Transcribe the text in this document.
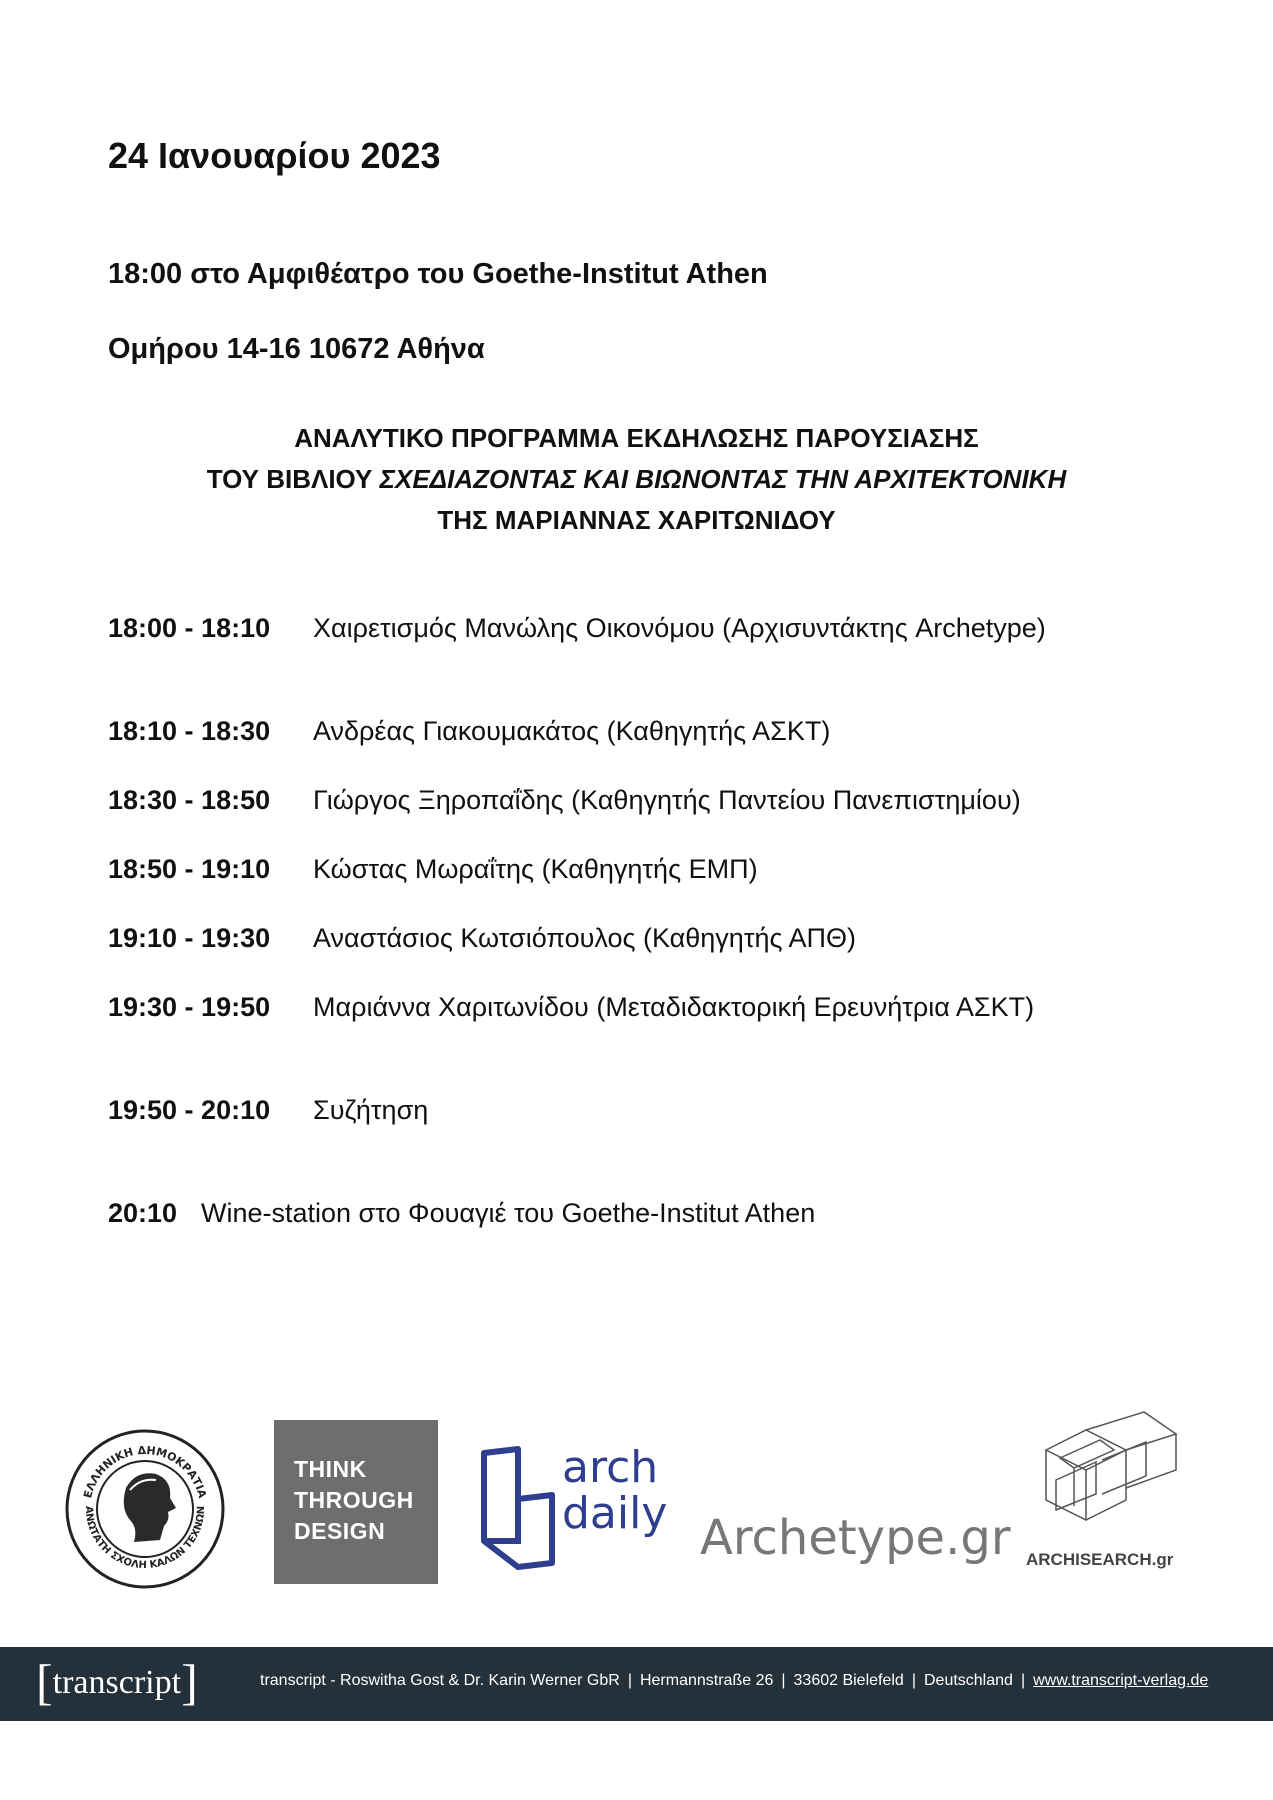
24 Ιανουαρίου 2023
18:00 στο Αμφιθέατρο του Goethe-Institut Athen
Ομήρου 14-16 10672 Αθήνα
ΑΝΑΛΥΤΙΚΟ ΠΡΟΓΡΑΜΜΑ ΕΚΔΗΛΩΣΗΣ ΠΑΡΟΥΣΙΑΣΗΣ
ΤΟΥ ΒΙΒΛΙΟΥ ΣΧΕΔΙΑΖΟΝΤΑΣ ΚΑΙ ΒΙΩΝΟΝΤΑΣ ΤΗΝ ΑΡΧΙΤΕΚΤΟΝΙΚΗ
ΤΗΣ ΜΑΡΙΑΝΝΑΣ ΧΑΡΙΤΩΝΙΔΟΥ
18:00 - 18:10 Χαιρετισμός Μανώλης Οικονόμου (Αρχισυντάκτης Archetype)
18:10 - 18:30 Ανδρέας Γιακουμακάτος (Καθηγητής ΑΣΚΤ)
18:30 - 18:50 Γιώργος Ξηροπαΐδης (Καθηγητής Παντείου Πανεπιστημίου)
18:50 - 19:10 Κώστας Μωραΐτης (Καθηγητής ΕΜΠ)
19:10 - 19:30 Αναστάσιος Κωτσιόπουλος (Καθηγητής ΑΠΘ)
19:30 - 19:50 Μαριάννα Χαριτωνίδου (Μεταδιδακτορική Ερευνήτρια ΑΣΚΤ)
19:50 - 20:10 Συζήτηση
20:10 Wine-station στο Φουαγιέ του Goethe-Institut Athen
ΕΛΛΗΝΙΚΗ ΔΗΜΟΚΡΑΤΙΑ
ΑΝΩΤΑΤΗ ΣΧΟΛΗ ΚΑΛΩΝ ΤΕΧΝΩΝ
THINK
THROUGH
DESIGN
arch
daily Archetype.gr ARCHISEARCH.gr
[transcript]	transcript - Roswitha Gost & Dr. Karin Werner GbR | Hermannstraße 26 | 33602 Bielefeld | Deutschland | www.transcript-verlag.de
